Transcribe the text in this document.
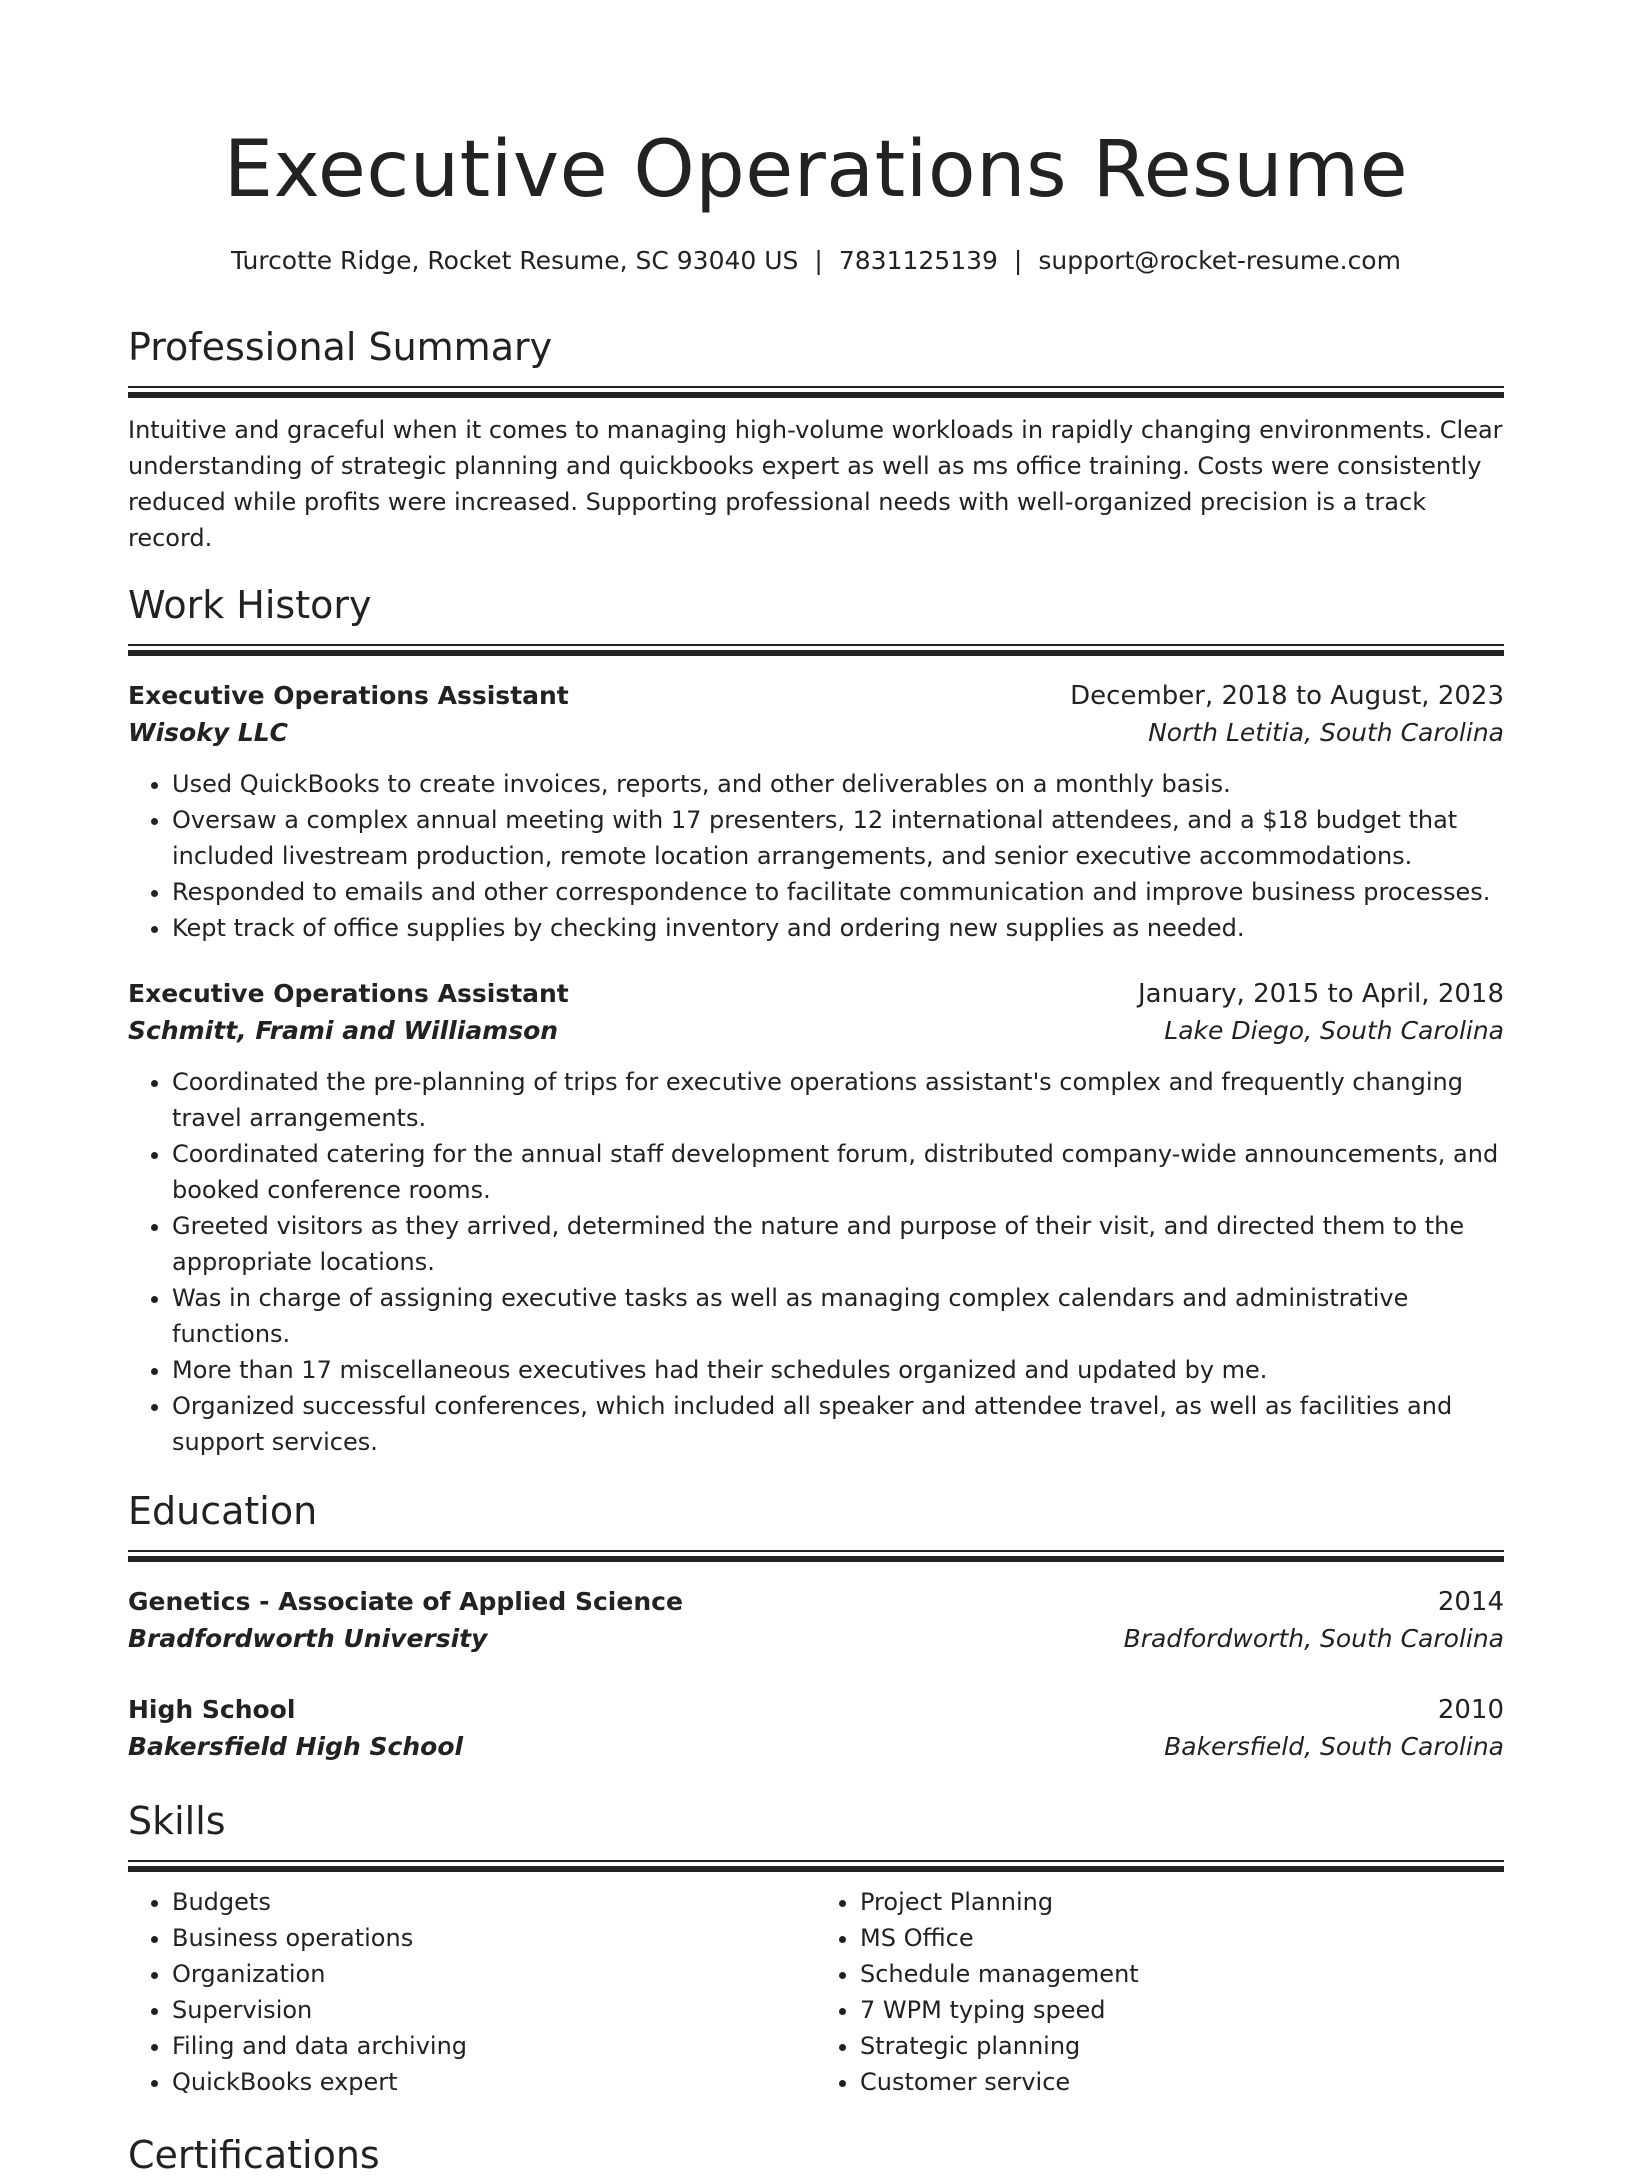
Executive Operations Resume
Turcotte Ridge, Rocket Resume, SC 93040 US | 7831125139 | support@rocket-resume.com
Professional Summary

Intuitive and graceful when it comes to managing high-volume workloads in rapidly changing environments. Clear understanding of strategic planning and quickbooks expert as well as ms office training. Costs were consistently reduced while profits were increased. Supporting professional needs with well-organized precision is a track record.

Work History
Executive Operations Assistant	December, 2018 to August, 2023
Wisoky LLC	North Letitia, South Carolina
• Used QuickBooks to create invoices, reports, and other deliverables on a monthly basis.
• Oversaw a complex annual meeting with 17 presenters, 12 international attendees, and a $18 budget that included livestream production, remote location arrangements, and senior executive accommodations.
• Responded to emails and other correspondence to facilitate communication and improve business processes.
• Kept track of office supplies by checking inventory and ordering new supplies as needed.
Executive Operations Assistant	January, 2015 to April, 2018
Schmitt, Frami and Williamson	Lake Diego, South Carolina
• Coordinated the pre-planning of trips for executive operations assistant's complex and frequently changing travel arrangements.
• Coordinated catering for the annual staff development forum, distributed company-wide announcements, and booked conference rooms.
• Greeted visitors as they arrived, determined the nature and purpose of their visit, and directed them to the appropriate locations.
• Was in charge of assigning executive tasks as well as managing complex calendars and administrative functions.
• More than 17 miscellaneous executives had their schedules organized and updated by me.
• Organized successful conferences, which included all speaker and attendee travel, as well as facilities and support services.
Education
Genetics - Associate of Applied Science	2014
Bradfordworth University	Bradfordworth, South Carolina
High School	2010
Bakersfield High School	Bakersfield, South Carolina
Skills
• Budgets
• Business operations
• Organization
• Supervision
• Filing and data archiving
• QuickBooks expert
• Project Planning
• MS Office
• Schedule management
• 7 WPM typing speed
• Strategic planning
• Customer service
Certifications
